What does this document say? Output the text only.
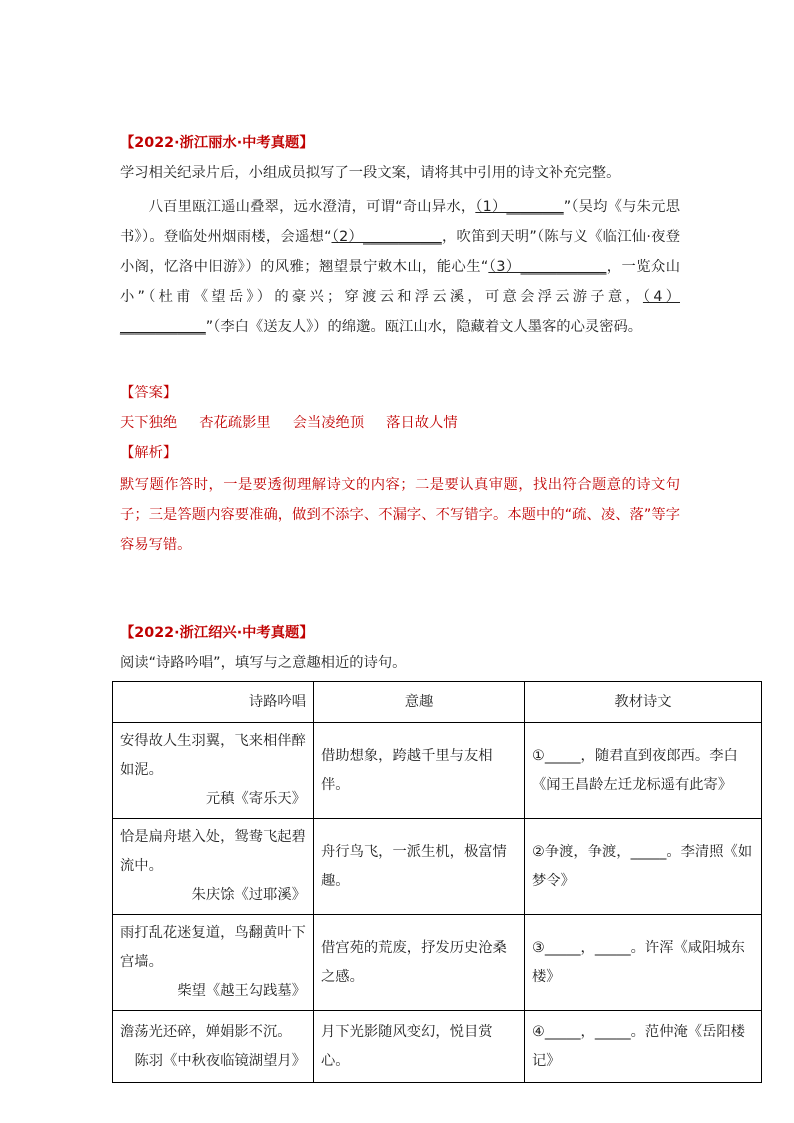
【2022·浙江丽水·中考真题】
学习相关纪录片后，小组成员拟写了一段文案，请将其中引用的诗文补充完整。
八百里瓯江遥山叠翠，远水澄清，可谓“奇山异水，（1）________”（吴均《与朱元思书》）。登临处州烟雨楼，会遥想“（2）___________，吹笛到天明”（陈与义《临江仙·夜登小阁，忆洛中旧游》）的风雅；翘望景宁敕木山，能心生“（3）____________，一览众山小”（杜甫《望岳》）的豪兴；穿渡云和浮云溪，可意会浮云游子意，（4）____________”（李白《送友人》）的绵邈。瓯江山水，隐藏着文人墨客的心灵密码。
【答案】
天下独绝 杏花疏影里 会当凌绝顶 落日故人情
【解析】
默写题作答时，一是要透彻理解诗文的内容；二是要认真审题，找出符合题意的诗文句子；三是答题内容要准确，做到不添字、不漏字、不写错字。本题中的“疏、凌、落”等字容易写错。
【2022·浙江绍兴·中考真题】
阅读“诗路吟唱”，填写与之意趣相近的诗句。
诗路吟唱	意趣	教材诗文

安得故人生羽翼，飞来相伴醉如泥。
元稹《寄乐天》	借助想象，跨越千里与友相伴。	①_____，随君直到夜郎西。李白《闻王昌龄左迁龙标遥有此寄》

恰是扁舟堪入处，鸳鸯飞起碧流中。
朱庆馀《过耶溪》	舟行鸟飞，一派生机，极富情趣。	②争渡，争渡，_____。李清照《如梦令》

雨打乱花迷复道，鸟翻黄叶下宫墙。
柴望《越王勾践墓》	借宫苑的荒废，抒发历史沧桑之感。	③_____，_____。许浑《咸阳城东楼》

澹荡光还碎，婵娟影不沉。
陈羽《中秋夜临镜湖望月》	月下光影随风变幻，悦目赏心。	④_____，_____。范仲淹《岳阳楼记》
